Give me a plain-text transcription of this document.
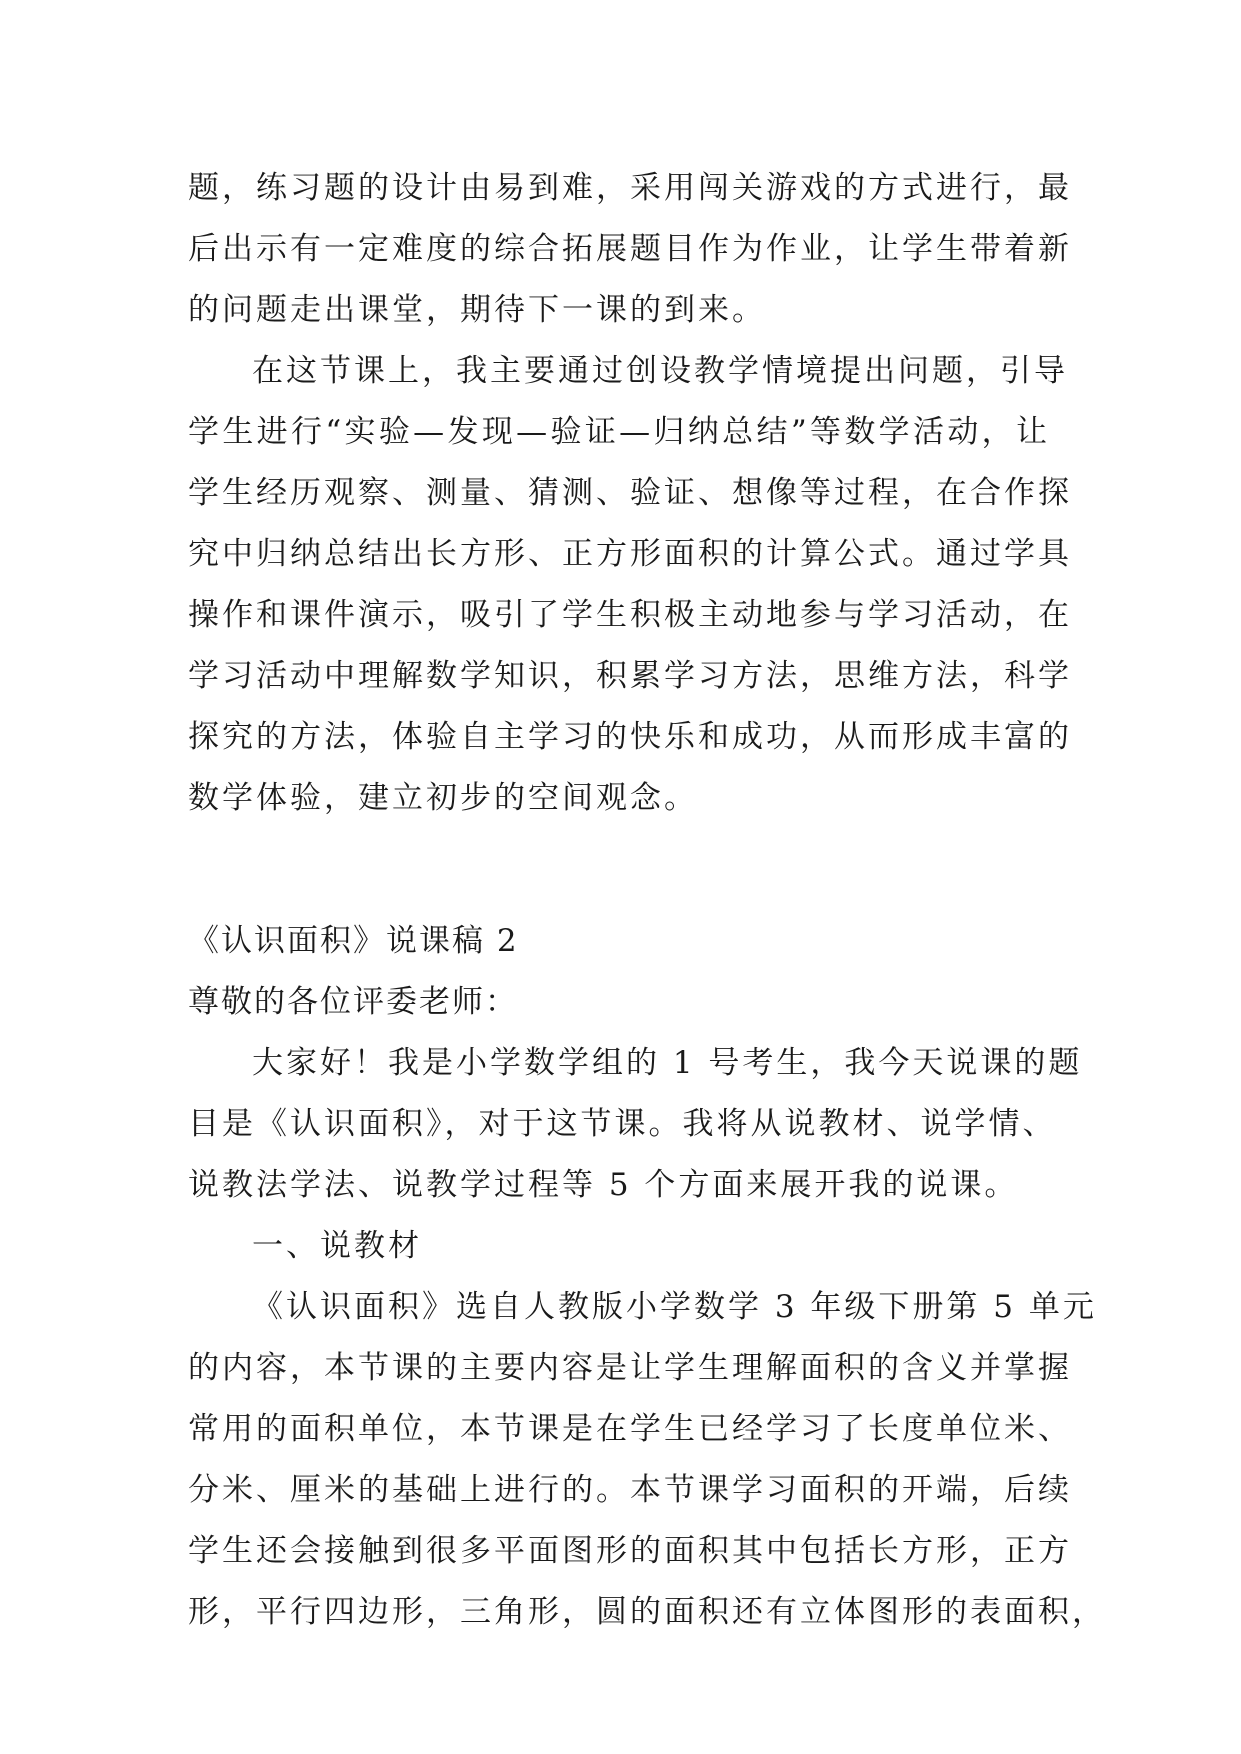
题，练习题的设计由易到难，采用闯关游戏的方式进行，最
后出示有一定难度的综合拓展题目作为作业，让学生带着新
的问题走出课堂，期待下一课的到来。
在这节课上，我主要通过创设教学情境提出问题，引导
学生进行“实验—发现—验证—归纳总结”等数学活动，让
学生经历观察、测量、猜测、验证、想像等过程，在合作探
究中归纳总结出长方形、正方形面积的计算公式。通过学具
操作和课件演示，吸引了学生积极主动地参与学习活动，在
学习活动中理解数学知识，积累学习方法，思维方法，科学
探究的方法，体验自主学习的快乐和成功，从而形成丰富的
数学体验，建立初步的空间观念。
《认识面积》说课稿 2
尊敬的各位评委老师：
大家好！我是小学数学组的 1 号考生，我今天说课的题
目是《认识面积》，对于这节课。我将从说教材、说学情、
说教法学法、说教学过程等 5 个方面来展开我的说课。
一、说教材
《认识面积》选自人教版小学数学 3 年级下册第 5 单元
的内容，本节课的主要内容是让学生理解面积的含义并掌握
常用的面积单位，本节课是在学生已经学习了长度单位米、
分米、厘米的基础上进行的。本节课学习面积的开端，后续
学生还会接触到很多平面图形的面积其中包括长方形，正方
形，平行四边形，三角形，圆的面积还有立体图形的表面积，
